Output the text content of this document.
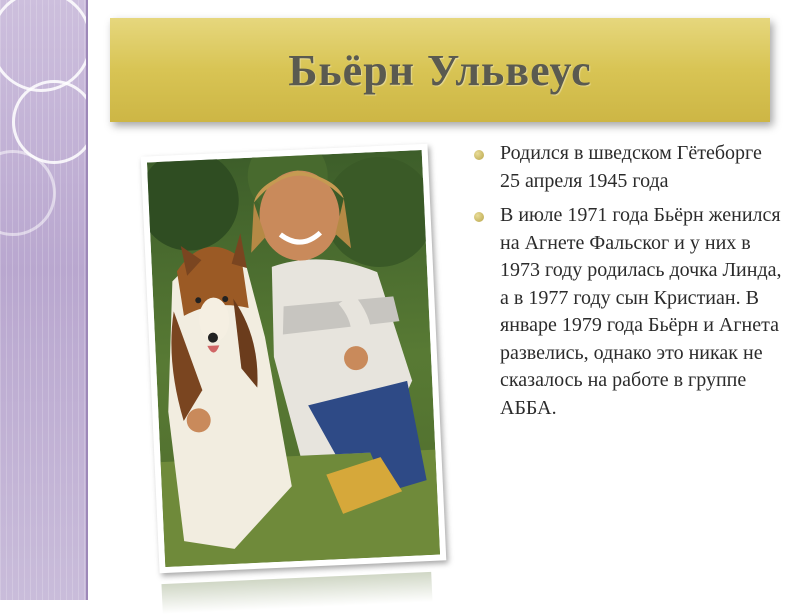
Бьёрн Ульвеус
Родился в шведском Гётеборге 25 апреля 1945 года
В июле 1971 года Бьёрн женился на Агнете Фальског и у них в 1973 году родилась дочка Линда, а в 1977 году сын Кристиан. В январе 1979 года Бьёрн и Агнета развелись, однако это никак не сказалось на работе в группе АББА.
